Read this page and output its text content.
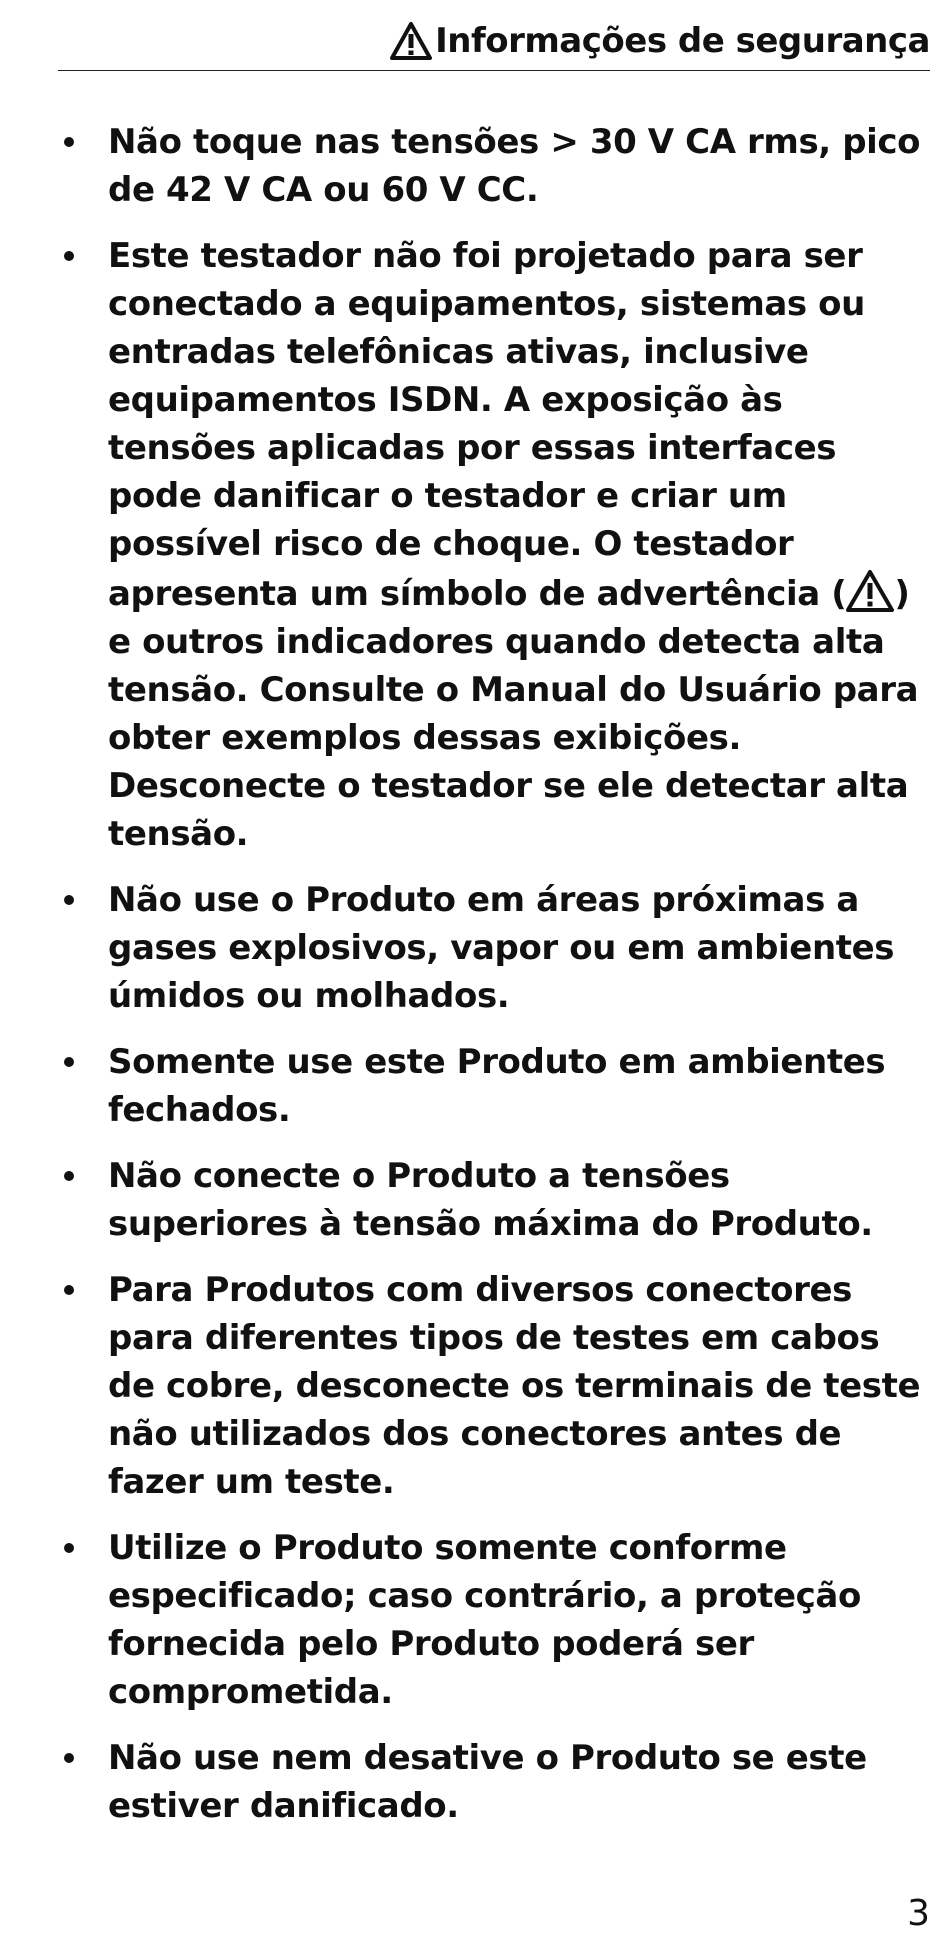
Informações de segurança
Não toque nas tensões > 30 V CA rms, pico de 42 V CA ou 60 V CC.
Este testador não foi projetado para ser conectado a equipamentos, sistemas ou entradas telefônicas ativas, inclusive equipamentos ISDN. A exposição às tensões aplicadas por essas interfaces pode danificar o testador e criar um possível risco de choque. O testador apresenta um símbolo de advertência ( ) e outros indicadores quando detecta alta tensão. Consulte o Manual do Usuário para obter exemplos dessas exibições. Desconecte o testador se ele detectar alta tensão.
Não use o Produto em áreas próximas a gases explosivos, vapor ou em ambientes úmidos ou molhados.
Somente use este Produto em ambientes fechados.
Não conecte o Produto a tensões superiores à tensão máxima do Produto.
Para Produtos com diversos conectores para diferentes tipos de testes em cabos de cobre, desconecte os terminais de teste não utilizados dos conectores antes de fazer um teste.
Utilize o Produto somente conforme especificado; caso contrário, a proteção fornecida pelo Produto poderá ser comprometida.
Não use nem desative o Produto se este estiver danificado.
3
